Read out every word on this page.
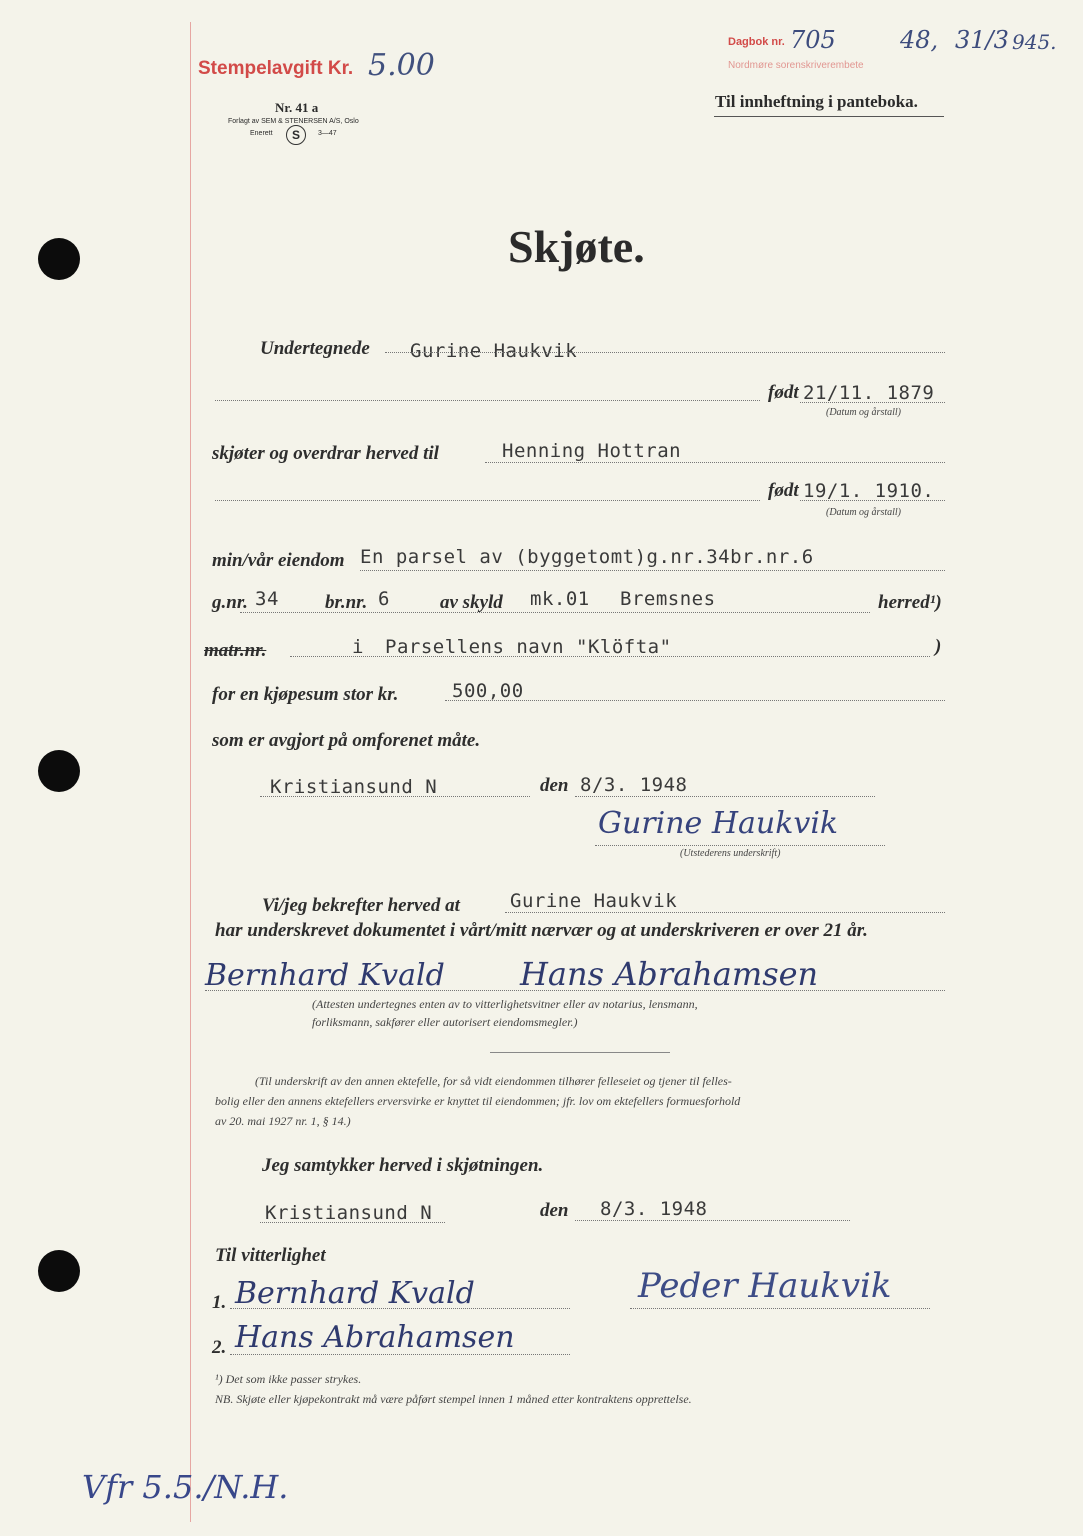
Stempelavgift Kr. 5.00
Nr. 41 a
Forlagt av SEM & STENERSEN A/S, Oslo
Enerett	S	3—47
Dagbok nr. 705	48, 31/3 945.
Nordmøre sorenskriverembete
Til innheftning i panteboka.
Skjøte.
Undertegnede Gurine Haukvik
født 21/11. 1879
(Datum og årstall)
skjøter og overdrar herved til	Henning Hottran
født 19/1. 1910.
(Datum og årstall)
min/vår eiendom En parsel av (byggetomt)g.nr.34br.nr.6
g.nr. 34 br.nr. 6	av skyld mk.01 Bremsnes	herred¹)
matr.nr.	i Parsellens navn "Klöfta"	)
for en kjøpesum stor kr.	500,00
som er avgjort på omforenet måte.
Kristiansund N	den 8/3. 1948
Gurine Haukvik
(Utstederens underskrift)
Vi/jeg bekrefter herved at	Gurine Haukvik
har underskrevet dokumentet i vårt/mitt nærvær og at underskriveren er over 21 år.
Bernhard Kvald Hans Abrahamsen
(Attesten undertegnes enten av to vitterlighetsvitner eller av notarius, lensmann,
forliksmann, sakfører eller autorisert eiendomsmegler.)
(Til underskrift av den annen ektefelle, for så vidt eiendommen tilhører felleseiet og tjener til felles-
bolig eller den annens ektefellers erversvirke er knyttet til eiendommen; jfr. lov om ektefellers formuesforhold
av 20. mai 1927 nr. 1, § 14.)
Jeg samtykker herved i skjøtningen.
Kristiansund N	den 8/3. 1948
Til vitterlighet
1. Bernhard Kvald	Peder Haukvik
2. Hans Abrahamsen
¹) Det som ikke passer strykes.
NB. Skjøte eller kjøpekontrakt må være påført stempel innen 1 måned etter kontraktens opprettelse.
Vfr 5.5./N.H.
